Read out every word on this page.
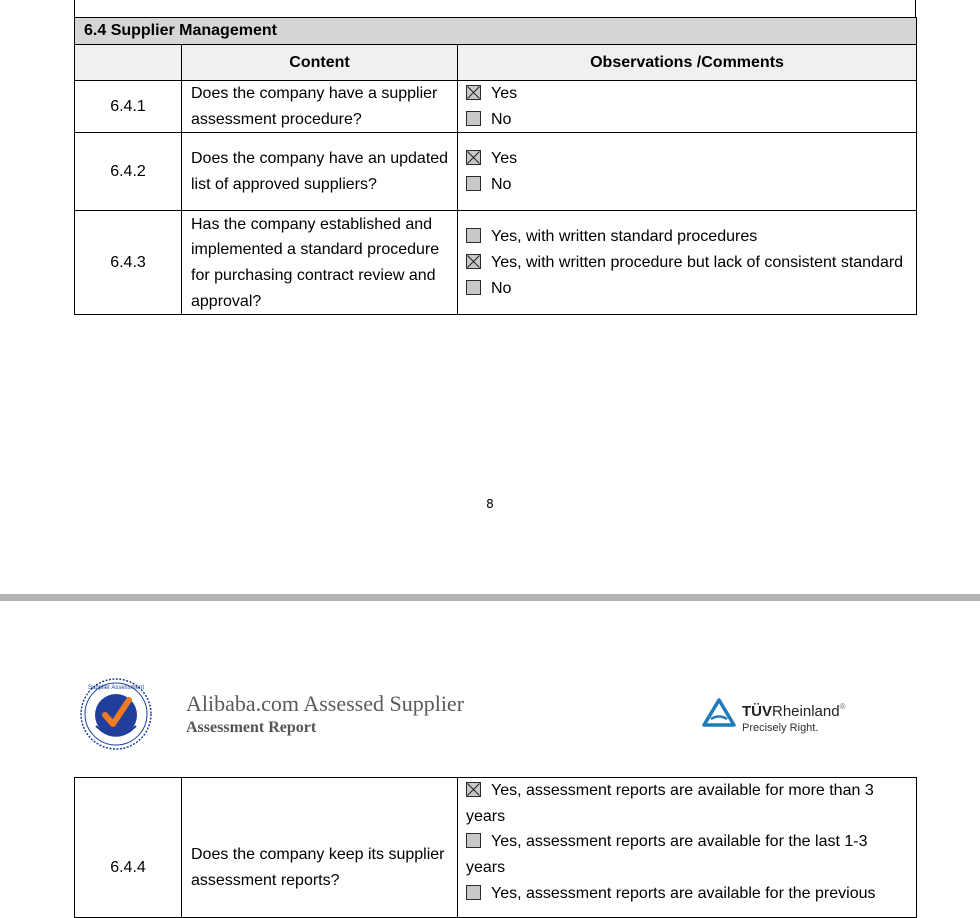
6.4 Supplier Management		
	Content	Observations /Comments
6.4.1	Does the company have a supplier assessment procedure?	Yes
No

6.4.2	Does the company have an updated list of approved suppliers?	Yes
No

6.4.3	Has the company established and implemented a standard procedure for purchasing contract review and approval?	Yes, with written standard procedures
Yes, with written procedure but lack of consistent standard
No
8
Supplier Assessment
Alibaba.com Assessed Supplier
Assessment Report
TÜVRheinland®
Precisely Right.
6.4.4	Does the company keep its supplier assessment reports?	
Yes, assessment reports are available for more than 3 years
Yes, assessment reports are available for the last 1-3 years
Yes, assessment reports are available for the previous
